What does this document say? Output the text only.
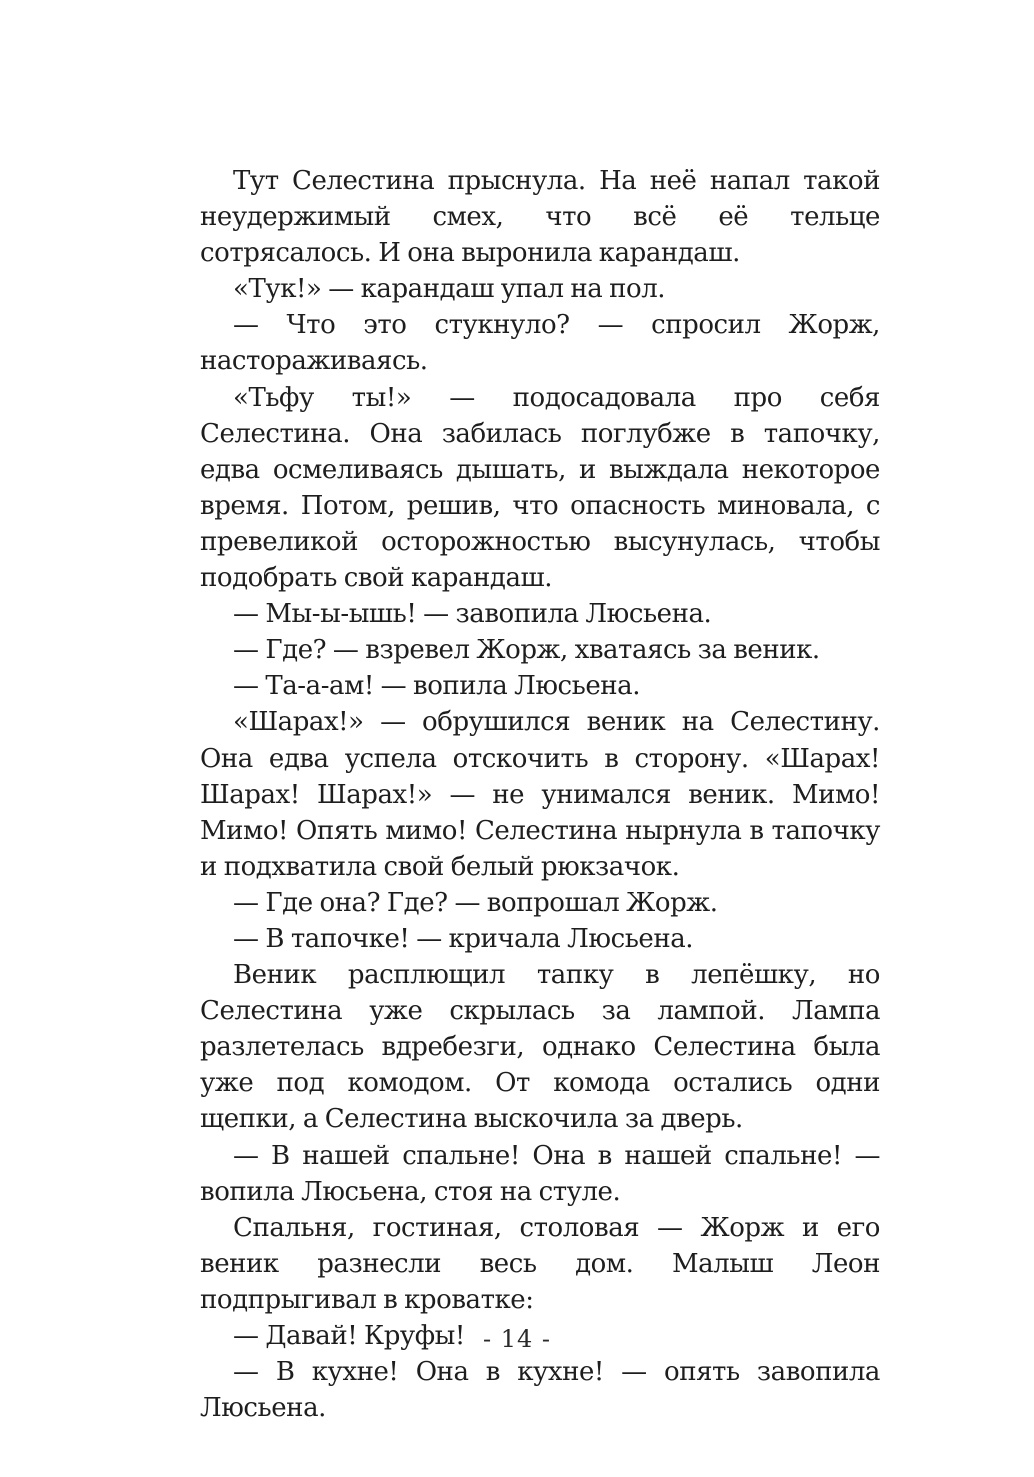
Тут Селестина прыснула. На неё напал такой неудержимый смех, что всё её тельце сотрясалось. И она выронила карандаш.

«Тук!» — карандаш упал на пол.

— Что это стукнуло? — спросил Жорж, настораживаясь.

«Тьфу ты!» — подосадовала про себя Селестина. Она забилась поглубже в тапочку, едва осмеливаясь дышать, и выждала некоторое время. Потом, решив, что опасность миновала, с превеликой осторожностью высунулась, чтобы подобрать свой карандаш.

— Мы-ы-ышь! — завопила Люсьена.

— Где? — взревел Жорж, хватаясь за веник.

— Та-а-ам! — вопила Люсьена.

«Шарах!» — обрушился веник на Селестину. Она едва успела отскочить в сторону. «Шарах! Шарах! Шарах!» — не унимался веник. Мимо! Мимо! Опять мимо! Селестина нырнула в тапочку и подхватила свой белый рюкзачок.

— Где она? Где? — вопрошал Жорж.

— В тапочке! — кричала Люсьена.

Веник расплющил тапку в лепёшку, но Селестина уже скрылась за лампой. Лампа разлетелась вдребезги, однако Селестина была уже под комодом. От комода остались одни щепки, а Селестина выскочила за дверь.

— В нашей спальне! Она в нашей спальне! — вопила Люсьена, стоя на стуле.

Спальня, гостиная, столовая — Жорж и его веник разнесли весь дом. Малыш Леон подпрыгивал в кроватке:

— Давай! Круфы!

— В кухне! Она в кухне! — опять завопила Люсьена.

- 14 -
